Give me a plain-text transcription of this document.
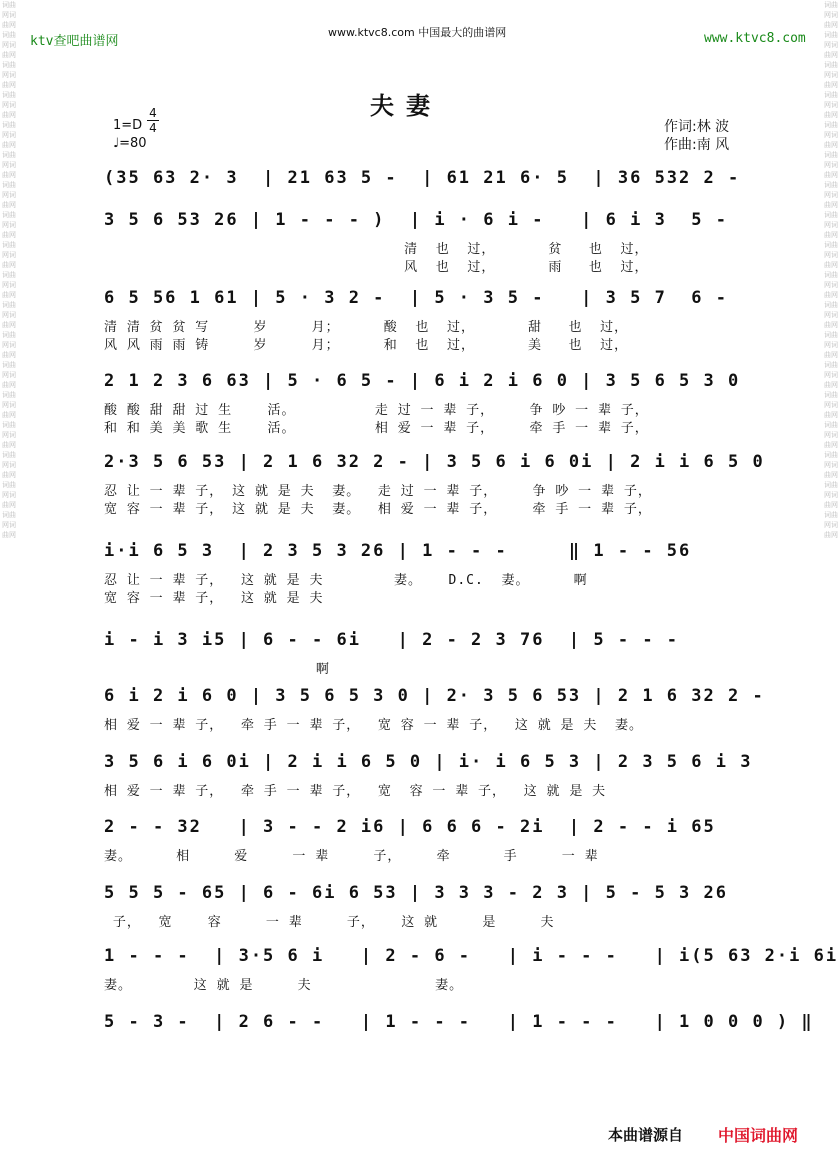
词曲网词曲网词曲网词曲网词曲网词曲网词曲网词曲网词曲网词曲网词曲网词曲网词曲网词曲网词曲网词曲网词曲网词曲网词曲网词曲网词曲网词曲网词曲网词曲网词曲网词曲网词曲网词曲网词曲网词曲网词曲网词曲网词曲网词曲网词曲网词曲网
词曲网词曲网词曲网词曲网词曲网词曲网词曲网词曲网词曲网词曲网词曲网词曲网词曲网词曲网词曲网词曲网词曲网词曲网词曲网词曲网词曲网词曲网词曲网词曲网词曲网词曲网词曲网词曲网词曲网词曲网词曲网词曲网词曲网词曲网词曲网词曲网
ktv查吧曲谱网
www.ktvc8.com 中国最大的曲谱网	www.ktvc8.com
夫妻
$1=D \frac{4}{4}$
♩=80
作词:林 波
作曲:南 风
(35 63 2· 3  | 21 63 5 -  | 61 21 6· 5  | 36 532 2 -
3 5 6 53 26 | 1 - - - )  | i · 6 i -   | 6 i 3  5 -
清  也  过，      贫   也  过，
风  也  过，      雨   也  过，
6 5 56 1 61 | 5 · 3 2 -  | 5 · 3 5 -   | 3 5 7  6 -
清 清 贫 贫 写     岁     月；     酸  也  过，      甜   也  过，
风 风 雨 雨 铸     岁     月；     和  也  过，      美   也  过，
2 1 2 3 6 63 | 5 · 6 5 - | 6 i 2 i 6 0 | 3 5 6 5 3 0
酸 酸 甜 甜 过 生    活。         走 过 一 辈 子，    争 吵 一 辈 子，
和 和 美 美 歌 生    活。         相 爱 一 辈 子，    牵 手 一 辈 子，
2·3 5 6 53 | 2 1 6 32 2 - | 3 5 6 i 6 0i | 2 i i 6 5 0
忍 让 一 辈 子， 这 就 是 夫  妻。  走 过 一 辈 子，    争 吵 一 辈 子，
宽 容 一 辈 子， 这 就 是 夫  妻。  相 爱 一 辈 子，    牵 手 一 辈 子，
i·i 6 5 3  | 2 3 5 3 26 | 1 - - -     ‖ 1 - - 56
忍 让 一 辈 子，  这 就 是 夫        妻。   D.C.  妻。     啊
宽 容 一 辈 子，  这 就 是 夫
i - i 3 i5 | 6 - - 6i   | 2 - 2 3 76  | 5 - - -
啊
6 i 2 i 6 0 | 3 5 6 5 3 0 | 2· 3 5 6 53 | 2 1 6 32 2 -
相 爱 一 辈 子，  牵 手 一 辈 子，  宽 容 一 辈 子，  这 就 是 夫  妻。
3 5 6 i 6 0i | 2 i i 6 5 0 | i· i 6 5 3 | 2 3 5 6 i 3
相 爱 一 辈 子，  牵 手 一 辈 子，  宽  容 一 辈 子，  这 就 是 夫
2 - - 32   | 3 - - 2 i6 | 6 6 6 - 2i  | 2 - - i 65
妻。     相     爱     一 辈     子，    牵      手     一 辈
5 5 5 - 65 | 6 - 6i 6 53 | 3 3 3 - 2 3 | 5 - 5 3 26
子，  宽    容     一 辈     子，   这 就     是     夫
1 - - -  | 3·5 6 i   | 2 - 6 -   | i - - -   | i(5 63 2·i 6i
妻。       这 就 是     夫              妻。
5 - 3 -  | 2 6 - -   | 1 - - -   | 1 - - -   | 1 0 0 0 ) ‖
本曲谱源自 中国词曲网
